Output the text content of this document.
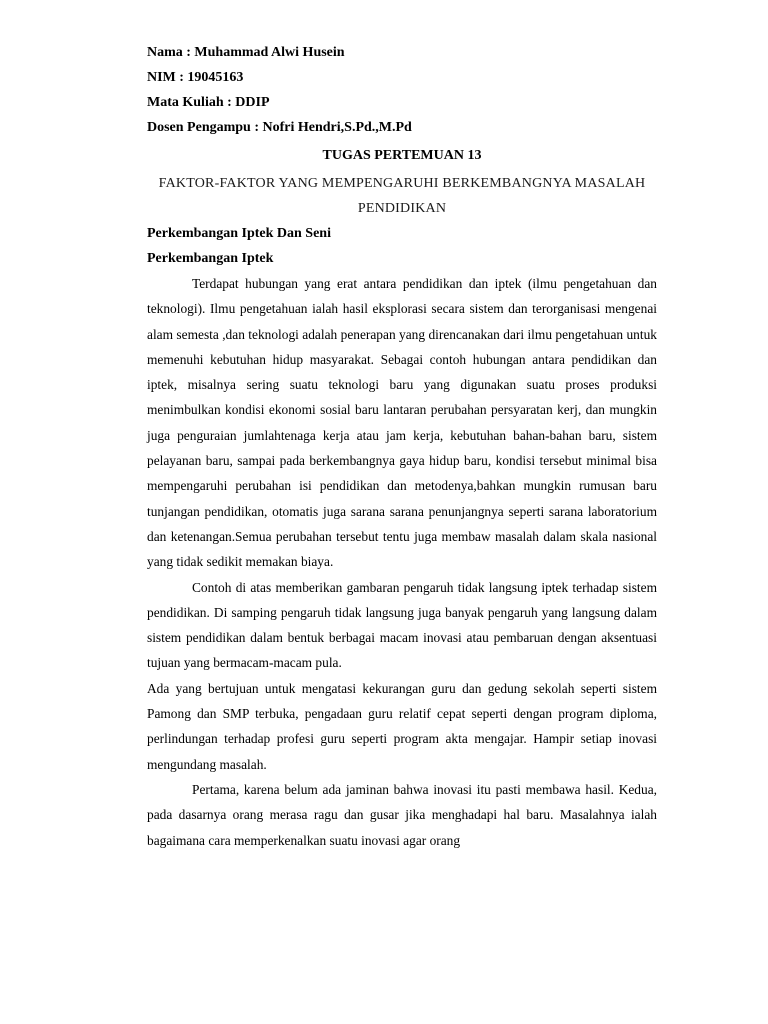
Nama : Muhammad Alwi Husein
NIM : 19045163
Mata Kuliah : DDIP
Dosen Pengampu : Nofri Hendri,S.Pd.,M.Pd
TUGAS PERTEMUAN 13
FAKTOR-FAKTOR YANG MEMPENGARUHI BERKEMBANGNYA MASALAH PENDIDIKAN
Perkembangan Iptek Dan Seni
Perkembangan Iptek

Terdapat hubungan yang erat antara pendidikan dan iptek (ilmu pengetahuan dan teknologi). Ilmu pengetahuan ialah hasil eksplorasi secara sistem dan terorganisasi mengenai alam semesta ,dan teknologi adalah penerapan yang direncanakan dari ilmu pengetahuan untuk memenuhi kebutuhan hidup masyarakat. Sebagai contoh hubungan antara pendidikan dan iptek, misalnya sering suatu teknologi baru yang digunakan suatu proses produksi menimbulkan kondisi ekonomi sosial baru lantaran perubahan persyaratan kerj, dan mungkin juga penguraian jumlahtenaga kerja atau jam kerja, kebutuhan bahan-bahan baru, sistem pelayanan baru, sampai pada berkembangnya gaya hidup baru, kondisi tersebut minimal bisa mempengaruhi perubahan isi pendidikan dan metodenya,bahkan mungkin rumusan baru tunjangan pendidikan, otomatis juga sarana sarana penunjangnya seperti sarana laboratorium dan ketenangan.Semua perubahan tersebut tentu juga membaw masalah dalam skala nasional yang tidak sedikit memakan biaya.

Contoh di atas memberikan gambaran pengaruh tidak langsung iptek terhadap sistem pendidikan. Di samping pengaruh tidak langsung juga banyak pengaruh yang langsung dalam sistem pendidikan dalam bentuk berbagai macam inovasi atau pembaruan dengan aksentuasi tujuan yang bermacam-macam pula.

Ada yang bertujuan untuk mengatasi kekurangan guru dan gedung sekolah seperti sistem Pamong dan SMP terbuka, pengadaan guru relatif cepat seperti dengan program diploma, perlindungan terhadap profesi guru seperti program akta mengajar. Hampir setiap inovasi mengundang masalah.

Pertama, karena belum ada jaminan bahwa inovasi itu pasti membawa hasil. Kedua, pada dasarnya orang merasa ragu dan gusar jika menghadapi hal baru. Masalahnya ialah bagaimana cara memperkenalkan suatu inovasi agar orang
